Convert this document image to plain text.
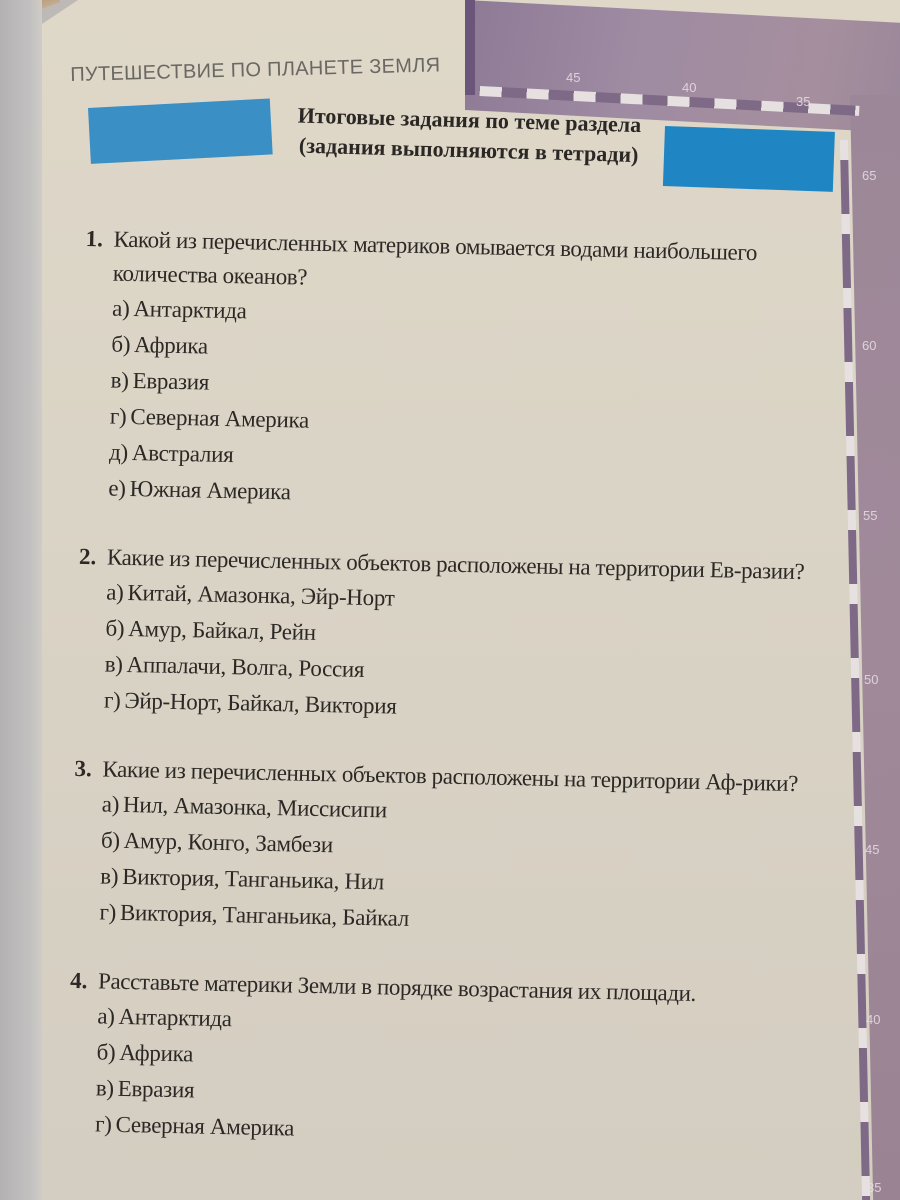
45
40
35
65
60
55
50
45
40
35
ПУТЕШЕСТВИЕ ПО ПЛАНЕТЕ ЗЕМЛЯ
Итоговые задания по теме раздела
(задания выполняются в тетради)
1. Какой из перечисленных материков омывается водами наибольшего количества океанов?
а) Антарктида
б) Африка
в) Евразия
г) Северная Америка
д) Австралия
е) Южная Америка
2. Какие из перечисленных объектов расположены на территории Ев-разии?
а) Китай, Амазонка, Эйр-Норт
б) Амур, Байкал, Рейн
в) Аппалачи, Волга, Россия
г) Эйр-Норт, Байкал, Виктория
3. Какие из перечисленных объектов расположены на территории Аф-рики?
а) Нил, Амазонка, Миссисипи
б) Амур, Конго, Замбези
в) Виктория, Танганьика, Нил
г) Виктория, Танганьика, Байкал
4. Расставьте материки Земли в порядке возрастания их площади.
а) Антарктида
б) Африка
в) Евразия
г) Северная Америка
